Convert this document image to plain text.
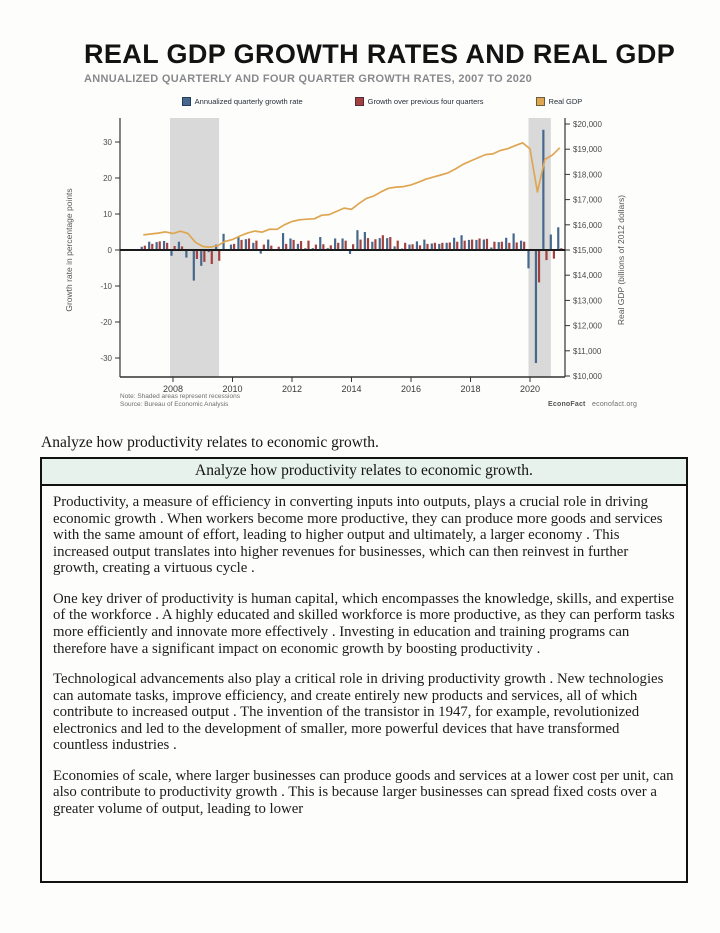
REAL GDP GROWTH RATES AND REAL GDP
ANNUALIZED QUARTERLY AND FOUR QUARTER GROWTH RATES, 2007 TO 2020
Annualized quarterly growth rate	Growth over previous four quarters	Real GDP
30
20
10
0
-10
-20
-30
$20,000
$19,000
$18,000
$17,000
$16,000
$15,000
$14,000
$13,000
$12,000
$11,000
$10,000
2008	2010	2012	2014	2016	2018	2020
Growth rate in percentage points	Real GDP (billions of 2012 dollars)
Note: Shaded areas represent recessions
Source: Bureau of Economic Analysis	EconoFact econofact.org
Analyze how productivity relates to economic growth.
Analyze how productivity relates to economic growth.

Productivity, a measure of efficiency in converting inputs into outputs, plays a crucial role in driving economic growth . When workers become more productive, they can produce more goods and services with the same amount of effort, leading to higher output and ultimately, a larger economy . This increased output translates into higher revenues for businesses, which can then reinvest in further growth, creating a virtuous cycle .

One key driver of productivity is human capital, which encompasses the knowledge, skills, and expertise of the workforce . A highly educated and skilled workforce is more productive, as they can perform tasks more efficiently and innovate more effectively . Investing in education and training programs can therefore have a significant impact on economic growth by boosting productivity .

Technological advancements also play a critical role in driving productivity growth . New technologies can automate tasks, improve efficiency, and create entirely new products and services, all of which contribute to increased output . The invention of the transistor in 1947, for example, revolutionized electronics and led to the development of smaller, more powerful devices that have transformed countless industries .

Economies of scale, where larger businesses can produce goods and services at a lower cost per unit, can also contribute to productivity growth . This is because larger businesses can spread fixed costs over a greater volume of output, leading to lower
